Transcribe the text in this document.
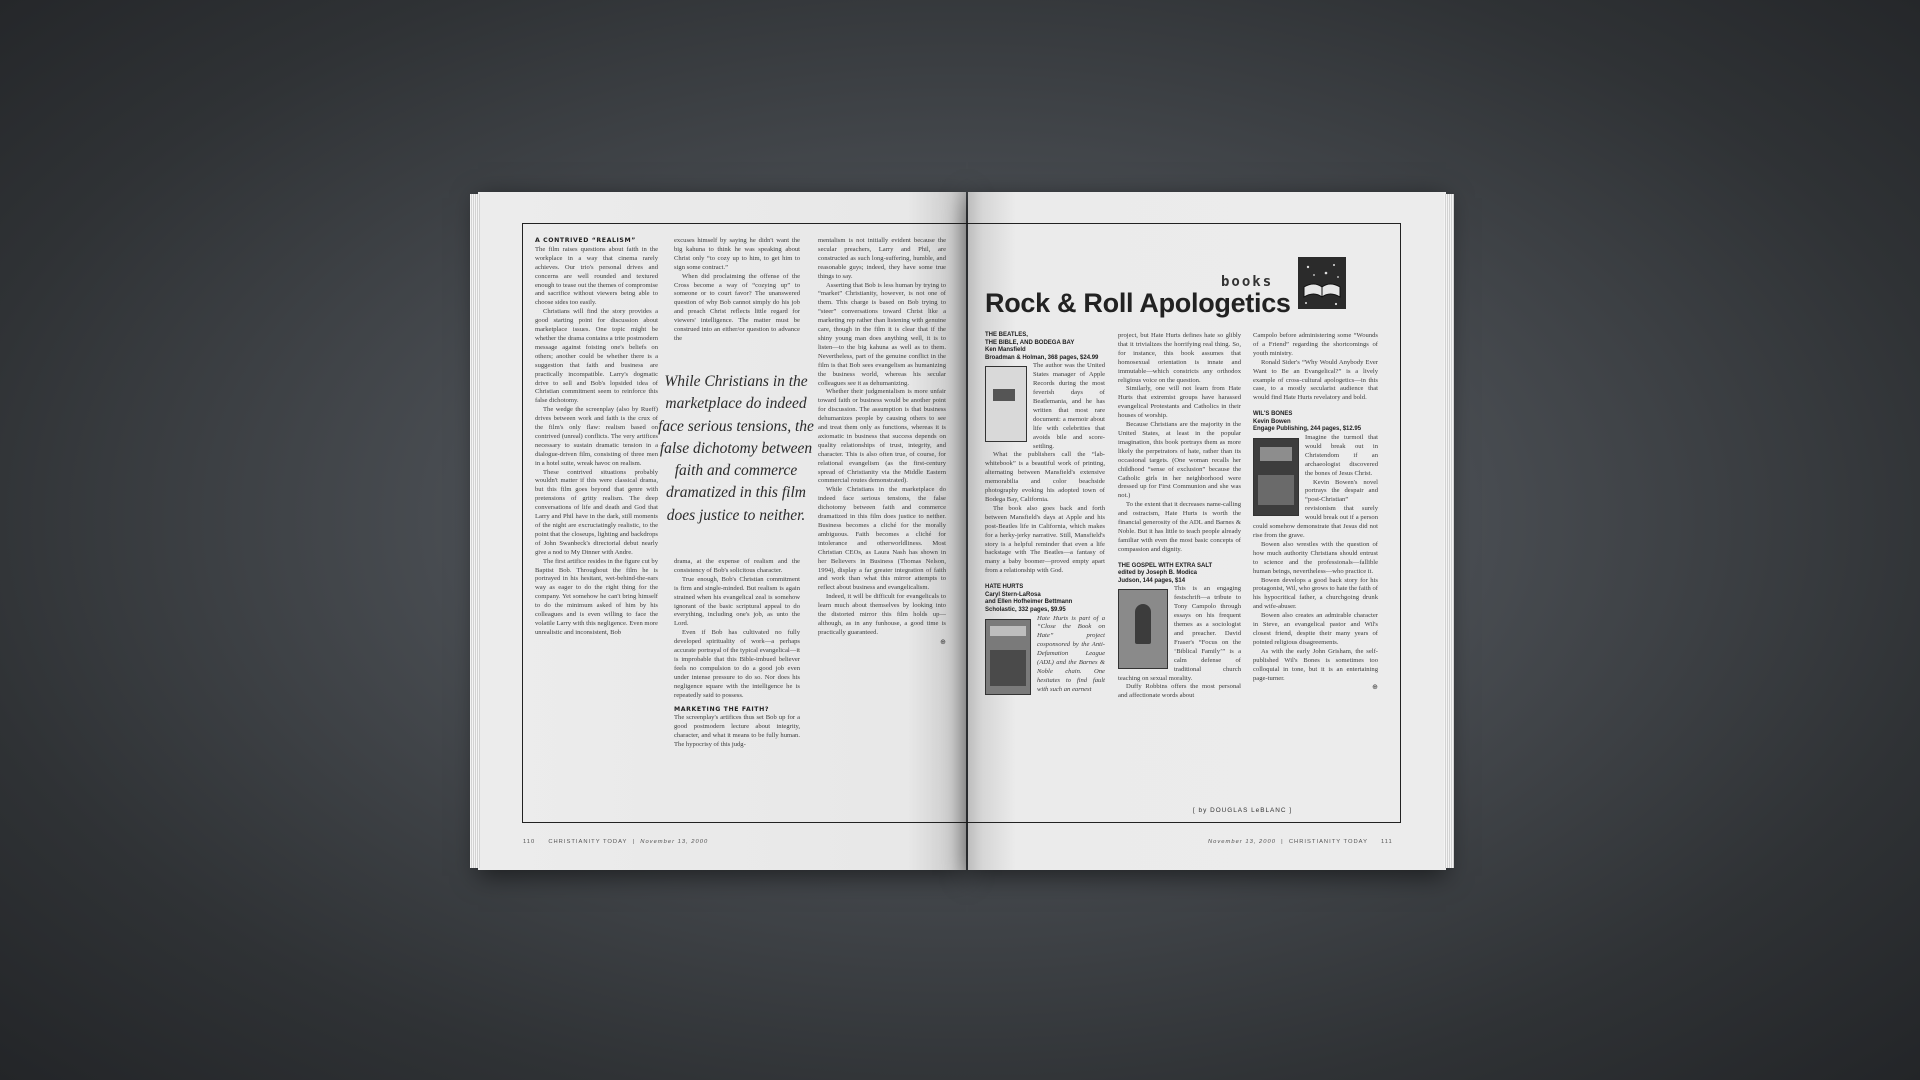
A CONTRIVED “REALISM”

The film raises questions about faith in the workplace in a way that cinema rarely achieves. Our trio's personal drives and concerns are well rounded and textured enough to tease out the themes of compromise and sacrifice without viewers being able to choose sides too easily.

Christians will find the story provides a good starting point for discussion about marketplace issues. One topic might be whether the drama contains a trite postmodern message against foisting one's beliefs on others; another could be whether there is a suggestion that faith and business are practically incompatible. Larry's dogmatic drive to sell and Bob's lopsided idea of Christian commitment seem to reinforce this false dichotomy.

The wedge the screenplay (also by Rueff) drives between work and faith is the crux of the film's only flaw: realism based on contrived (unreal) conflicts. The very artifices necessary to sustain dramatic tension in a dialogue-driven film, consisting of three men in a hotel suite, wreak havoc on realism.

These contrived situations probably wouldn't matter if this were classical drama, but this film goes beyond that genre with pretensions of gritty realism. The deep conversations of life and death and God that Larry and Phil have in the dark, still moments of the night are excruciatingly realistic, to the point that the closeups, lighting and backdrops of John Swanbeck's directorial debut nearly give a nod to My Dinner with Andre.

The first artifice resides in the figure cut by Baptist Bob. Throughout the film he is portrayed in his hesitant, wet-behind-the-ears way as eager to do the right thing for the company. Yet somehow he can't bring himself to do the minimum asked of him by his colleagues and is even willing to face the volatile Larry with this negligence. Even more unrealistic and inconsistent, Bob

excuses himself by saying he didn't want the big kahuna to think he was speaking about Christ only “to cozy up to him, to get him to sign some contract.”

When did proclaiming the offense of the Cross become a way of “cozying up” to someone or to court favor? The unanswered question of why Bob cannot simply do his job and preach Christ reflects little regard for viewers' intelligence. The matter must be construed into an either/or question to advance the

While Christians in the marketplace do indeed face serious tensions, the false dichotomy between faith and commerce dramatized in this film does justice to neither.

drama, at the expense of realism and the consistency of Bob's solicitous character.

True enough, Bob's Christian commitment is firm and single-minded. But realism is again strained when his evangelical zeal is somehow ignorant of the basic scriptural appeal to do everything, including one's job, as unto the Lord.

Even if Bob has cultivated no fully developed spirituality of work—a perhaps accurate portrayal of the typical evangelical—it is improbable that this Bible-imbued believer feels no compulsion to do a good job even under intense pressure to do so. Nor does his negligence square with the intelligence he is repeatedly said to possess.

MARKETING THE FAITH?

The screenplay's artifices thus set Bob up for a good postmodern lecture about integrity, character, and what it means to be fully human. The hypocrisy of this judg-

mentalism is not initially evident because the secular preachers, Larry and Phil, are constructed as such long-suffering, humble, and reasonable guys; indeed, they have some true things to say.

Asserting that Bob is less human by trying to “market” Christianity, however, is not one of them. This charge is based on Bob trying to “steer” conversations toward Christ like a marketing rep rather than listening with genuine care, though in the film it is clear that if the shiny young man does anything well, it is to listen—to the big kahuna as well as to them. Nevertheless, part of the genuine conflict in the film is that Bob sees evangelism as humanizing the business world, whereas his secular colleagues see it as dehumanizing.

Whether their judgmentalism is more unfair toward faith or business would be another point for discussion. The assumption is that business dehumanizes people by causing others to see and treat them only as functions, whereas it is axiomatic in business that success depends on quality relationships of trust, integrity, and character. This is also often true, of course, for relational evangelism (as the first-century spread of Christianity via the Middle Eastern commercial routes demonstrated).

While Christians in the marketplace do indeed face serious tensions, the false dichotomy between faith and commerce dramatized in this film does justice to neither. Business becomes a cliché for the morally ambiguous. Faith becomes a cliché for intolerance and otherworldliness. Most Christian CEOs, as Laura Nash has shown in her Believers in Business (Thomas Nelson, 1994), display a far greater integration of faith and work than what this mirror attempts to reflect about business and evangelicalism.

Indeed, it will be difficult for evangelicals to learn much about themselves by looking into the distorted mirror this film holds up—although, as in any funhouse, a good time is practically guaranteed.

⊕

110 CHRISTIANITY TODAY  |  November 13, 2000
books
Rock & Roll Apologetics
THE BEATLES,
THE BIBLE, AND BODEGA BAY
Ken Mansfield
Broadman & Holman, 368 pages, $24.99

The author was the United States manager of Apple Records during the most feverish days of Beatlemania, and he has written that most rare document: a memoir about life with celebrities that avoids bile and score-settling.

What the publishers call the “lab-whitebook” is a beautiful work of printing, alternating between Mansfield's extensive memorabilia and color beachside photography evoking his adopted town of Bodega Bay, California.

The book also goes back and forth between Mansfield's days at Apple and his post-Beatles life in California, which makes for a herky-jerky narrative. Still, Mansfield's story is a helpful reminder that even a life backstage with The Beatles—a fantasy of many a baby boomer—proved empty apart from a relationship with God.

HATE HURTS
Caryl Stern-LaRosa
and Ellen Hofheimer Bettmann
Scholastic, 332 pages, $9.95

Hate Hurts is part of a “Close the Book on Hate” project cosponsored by the Anti-Defamation League (ADL) and the Barnes & Noble chain. One hesitates to find fault with such an earnest

project, but Hate Hurts defines hate so glibly that it trivializes the horrifying real thing. So, for instance, this book assumes that homosexual orientation is innate and immutable—which constricts any orthodox religious voice on the question.

Similarly, one will not learn from Hate Hurts that extremist groups have harassed evangelical Protestants and Catholics in their houses of worship.

Because Christians are the majority in the United States, at least in the popular imagination, this book portrays them as more likely the perpetrators of hate, rather than its occasional targets. (One woman recalls her childhood “sense of exclusion” because the Catholic girls in her neighborhood were dressed up for First Communion and she was not.)

To the extent that it decreases name-calling and ostracism, Hate Hurts is worth the financial generosity of the ADL and Barnes & Noble. But it has little to teach people already familiar with even the most basic concepts of compassion and dignity.

THE GOSPEL WITH EXTRA SALT
edited by Joseph B. Modica
Judson, 144 pages, $14

This is an engaging festschrift—a tribute to Tony Campolo through essays on his frequent themes as a sociologist and preacher. David Fraser's “Focus on the ‘Biblical Family’” is a calm defense of traditional church teaching on sexual morality.

Duffy Robbins offers the most personal and affectionate words about

Campolo before administering some “Wounds of a Friend” regarding the shortcomings of youth ministry.

Ronald Sider's “Why Would Anybody Ever Want to Be an Evangelical?” is a lively example of cross-cultural apologetics—in this case, to a mostly secularist audience that would find Hate Hurts revelatory and bold.

WIL'S BONES
Kevin Bowen
Engage Publishing, 244 pages, $12.95

Imagine the turmoil that would break out in Christendom if an archaeologist discovered the bones of Jesus Christ.

Kevin Bowen's novel portrays the despair and “post-Christian” revisionism that surely would break out if a person could somehow demonstrate that Jesus did not rise from the grave.

Bowen also wrestles with the question of how much authority Christians should entrust to science and the professionals—fallible human beings, nevertheless—who practice it.

Bowen develops a good back story for his protagonist, Wil, who grows to hate the faith of his hypocritical father, a churchgoing drunk and wife-abuser.

Bowen also creates an admirable character in Steve, an evangelical pastor and Wil's closest friend, despite their many years of pointed religious disagreements.

As with the early John Grisham, the self-published Wil's Bones is sometimes too colloquial in tone, but it is an entertaining page-turner.

⊕

[ by DOUGLAS LeBLANC ]
November 13, 2000  |  CHRISTIANITY TODAY 111
